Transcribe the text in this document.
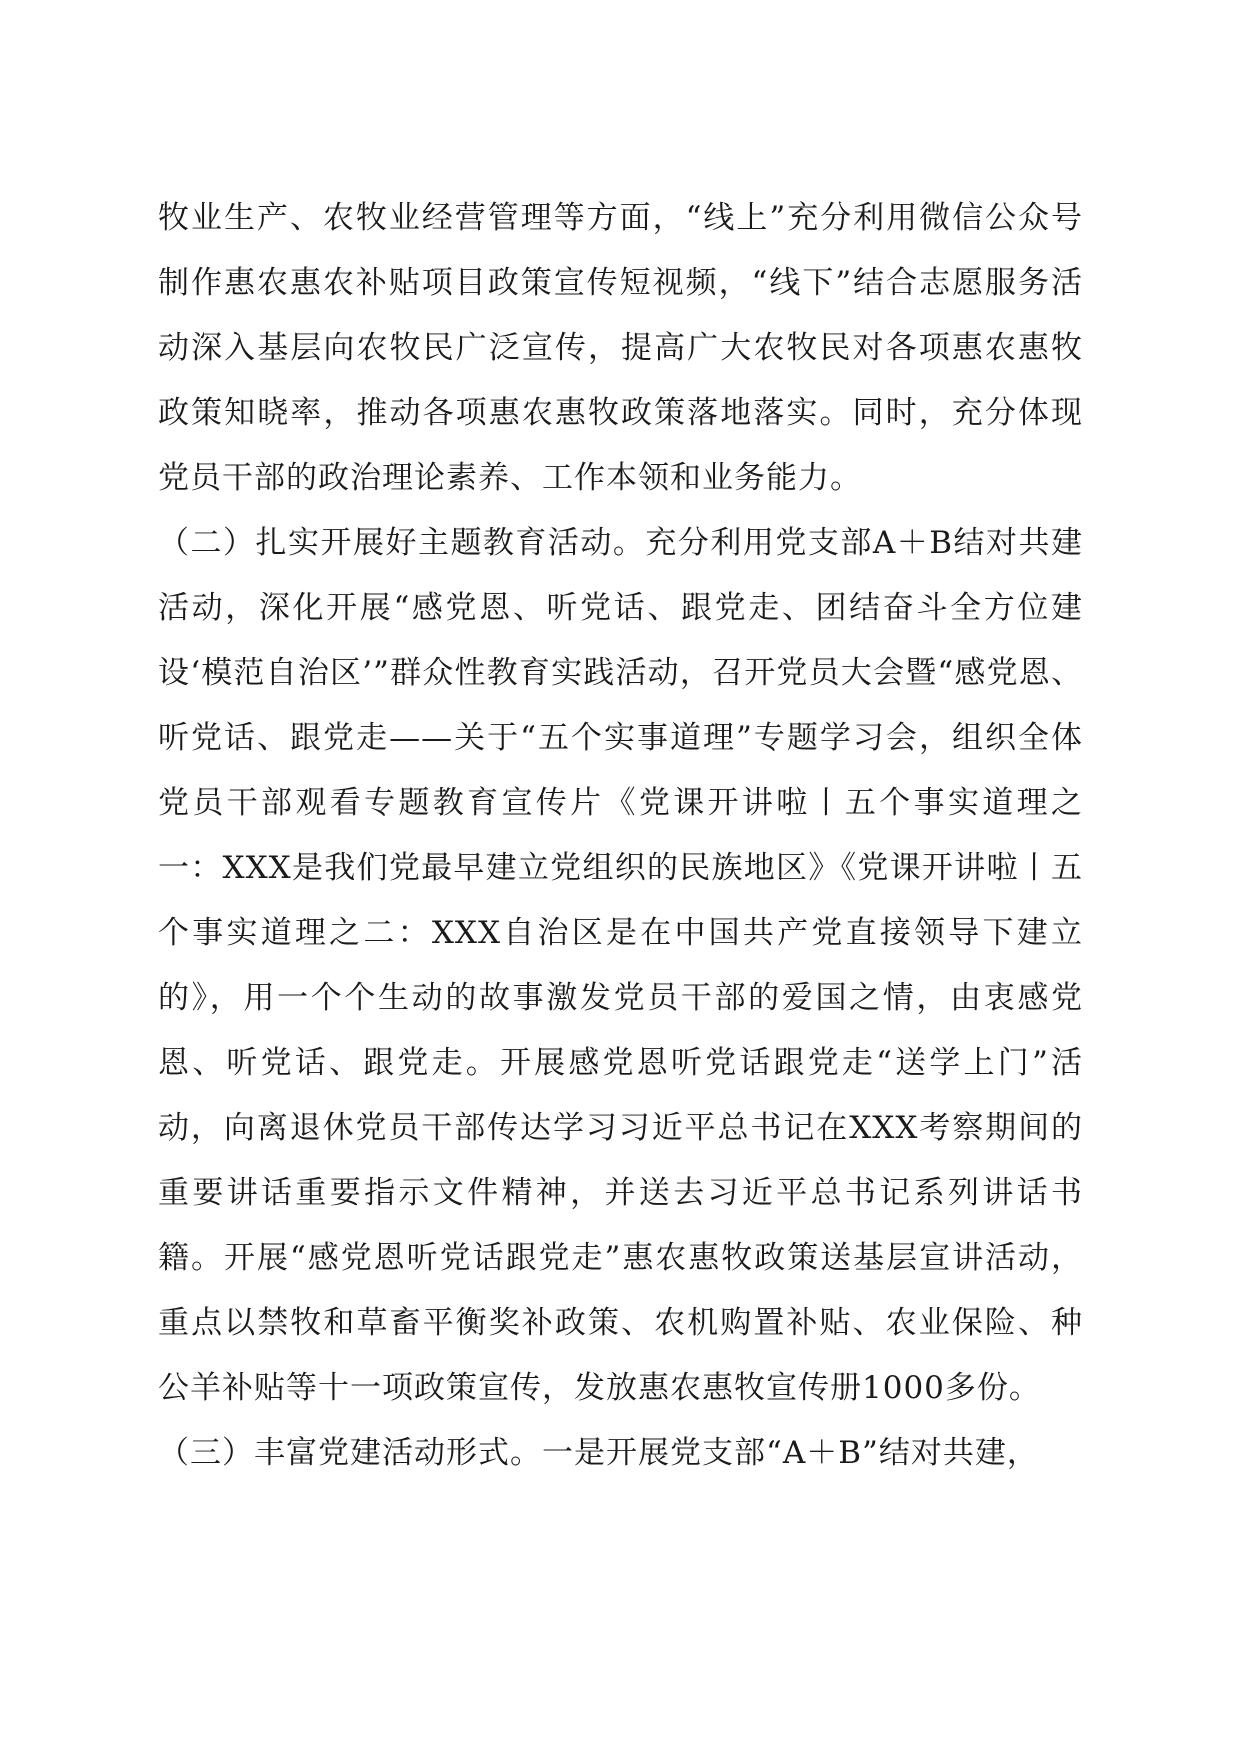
牧业生产、农牧业经营管理等方面，“线上”充分利用微信公众号制作惠农惠农补贴项目政策宣传短视频，“线下”结合志愿服务活动深入基层向农牧民广泛宣传，提高广大农牧民对各项惠农惠牧政策知晓率，推动各项惠农惠牧政策落地落实。同时，充分体现党员干部的政治理论素养、工作本领和业务能力。

（二）扎实开展好主题教育活动。充分利用党支部A＋B结对共建活动，深化开展“感党恩、听党话、跟党走、团结奋斗全方位建设‘模范自治区’”群众性教育实践活动，召开党员大会暨“感党恩、听党话、跟党走——关于“五个实事道理”专题学习会，组织全体党员干部观看专题教育宣传片《党课开讲啦丨五个事实道理之一：XXX是我们党最早建立党组织的民族地区》《党课开讲啦丨五个事实道理之二：XXX自治区是在中国共产党直接领导下建立的》，用一个个生动的故事激发党员干部的爱国之情，由衷感党恩、听党话、跟党走。开展感党恩听党话跟党走“送学上门”活动，向离退休党员干部传达学习习近平总书记在XXX考察期间的重要讲话重要指示文件精神，并送去习近平总书记系列讲话书籍。开展“感党恩听党话跟党走”惠农惠牧政策送基层宣讲活动，重点以禁牧和草畜平衡奖补政策、农机购置补贴、农业保险、种公羊补贴等十一项政策宣传，发放惠农惠牧宣传册1000多份。

（三）丰富党建活动形式。一是开展党支部“A＋B”结对共建，
